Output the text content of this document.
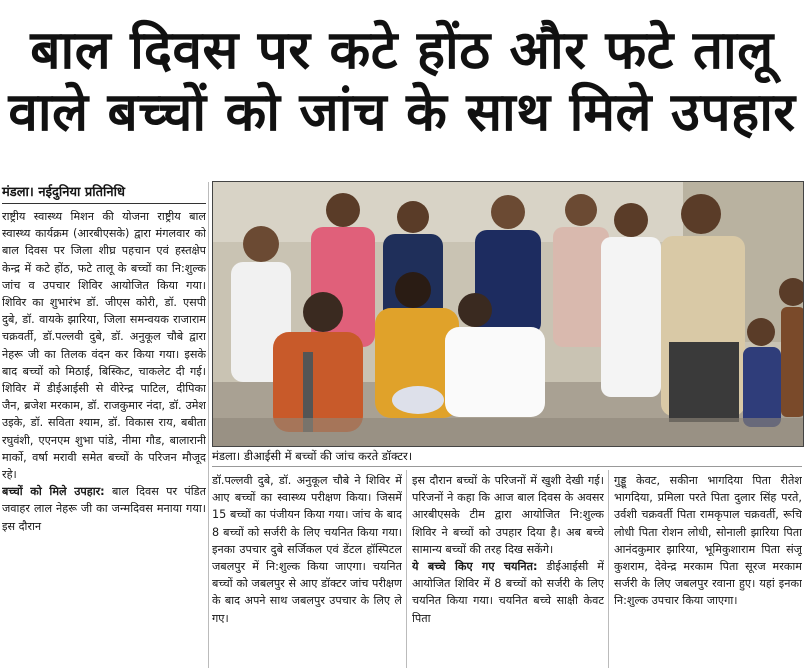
बाल दिवस पर कटे होंठ और फटे तालू
वाले बच्चों को जांच के साथ मिले उपहार
मंडला। नईदुनिया प्रतिनिधि

राष्ट्रीय स्वास्थ्य मिशन की योजना राष्ट्रीय बाल स्वास्थ्य कार्यक्रम (आरबीएसके) द्वारा मंगलवार को बाल दिवस पर जिला शीघ्र पहचान एवं हस्तक्षेप केन्द्र में कटे होंठ, फटे तालू के बच्चों का नि:शुल्क जांच व उपचार शिविर आयोजित किया गया। शिविर का शुभारंभ डॉ. जीएस कोरी, डॉ. एसपी दुबे, डॉ. वायके झारिया, जिला समन्वयक राजाराम चक्रवर्ती, डॉ.पल्लवी दुबे, डॉ. अनुकूल चौबे द्वारा नेहरू जी का तिलक वंदन कर किया गया। इसके बाद बच्चों को मिठाई, बिस्किट, चाकलेट दी गई। शिविर में डीईआईसी से वीरेन्द्र पाटिल, दीपिका जैन, ब्रजेश मरकाम, डॉ. राजकुमार नंदा, डॉ. उमेश उइके, डॉ. सविता श्याम, डॉ. विकास राय, बबीता रघुवंशी, एएनएम शुभा पांडे, नीमा गौड, बालारानी मार्को, वर्षा मरावी समेत बच्चों के परिजन मौजूद रहे।

बच्चों को मिले उपहार: बाल दिवस पर पंडित जवाहर लाल नेहरू जी का जन्मदिवस मनाया गया। इस दौरान

मंडला। डीआईसी में बच्चों की जांच करते डॉक्टर।

डॉ.पल्लवी दुबे, डॉ. अनुकूल चौबे ने शिविर में आए बच्चों का स्वास्थ्य परीक्षण किया। जिसमें 15 बच्चों का पंजीयन किया गया। जांच के बाद 8 बच्चों को सर्जरी के लिए चयनित किया गया। इनका उपचार दुबे सर्जिकल एवं डेंटल हॉस्पिटल जबलपुर में नि:शुल्क किया जाएगा। चयनित बच्चों को जबलपुर से आए डॉक्टर जांच परीक्षण के बाद अपने साथ जबलपुर उपचार के लिए ले गए।

इस दौरान बच्चों के परिजनों में खुशी देखी गई। परिजनों ने कहा कि आज बाल दिवस के अवसर आरबीएसके टीम द्वारा आयोजित नि:शुल्क शिविर ने बच्चों को उपहार दिया है। अब बच्चे सामान्य बच्चों की तरह दिख सकेंगे।

ये बच्चे किए गए चयनित: डीईआईसी में आयोजित शिविर में 8 बच्चों को सर्जरी के लिए चयनित किया गया। चयनित बच्चे साक्षी केवट पिता

गुड्डू केवट, सकीना भागदिया पिता रीतेश भागदिया, प्रमिला परते पिता दुलार सिंह परते, उर्वशी चक्रवर्ती पिता रामकृपाल चक्रवर्ती, रूचि लोधी पिता रोशन लोधी, सोनाली झारिया पिता आनंदकुमार झारिया, भूमिकुशाराम पिता संजू कुशराम, देवेन्द्र मरकाम पिता सूरज मरकाम सर्जरी के लिए जबलपुर रवाना हुए। यहां इनका नि:शुल्क उपचार किया जाएगा।
